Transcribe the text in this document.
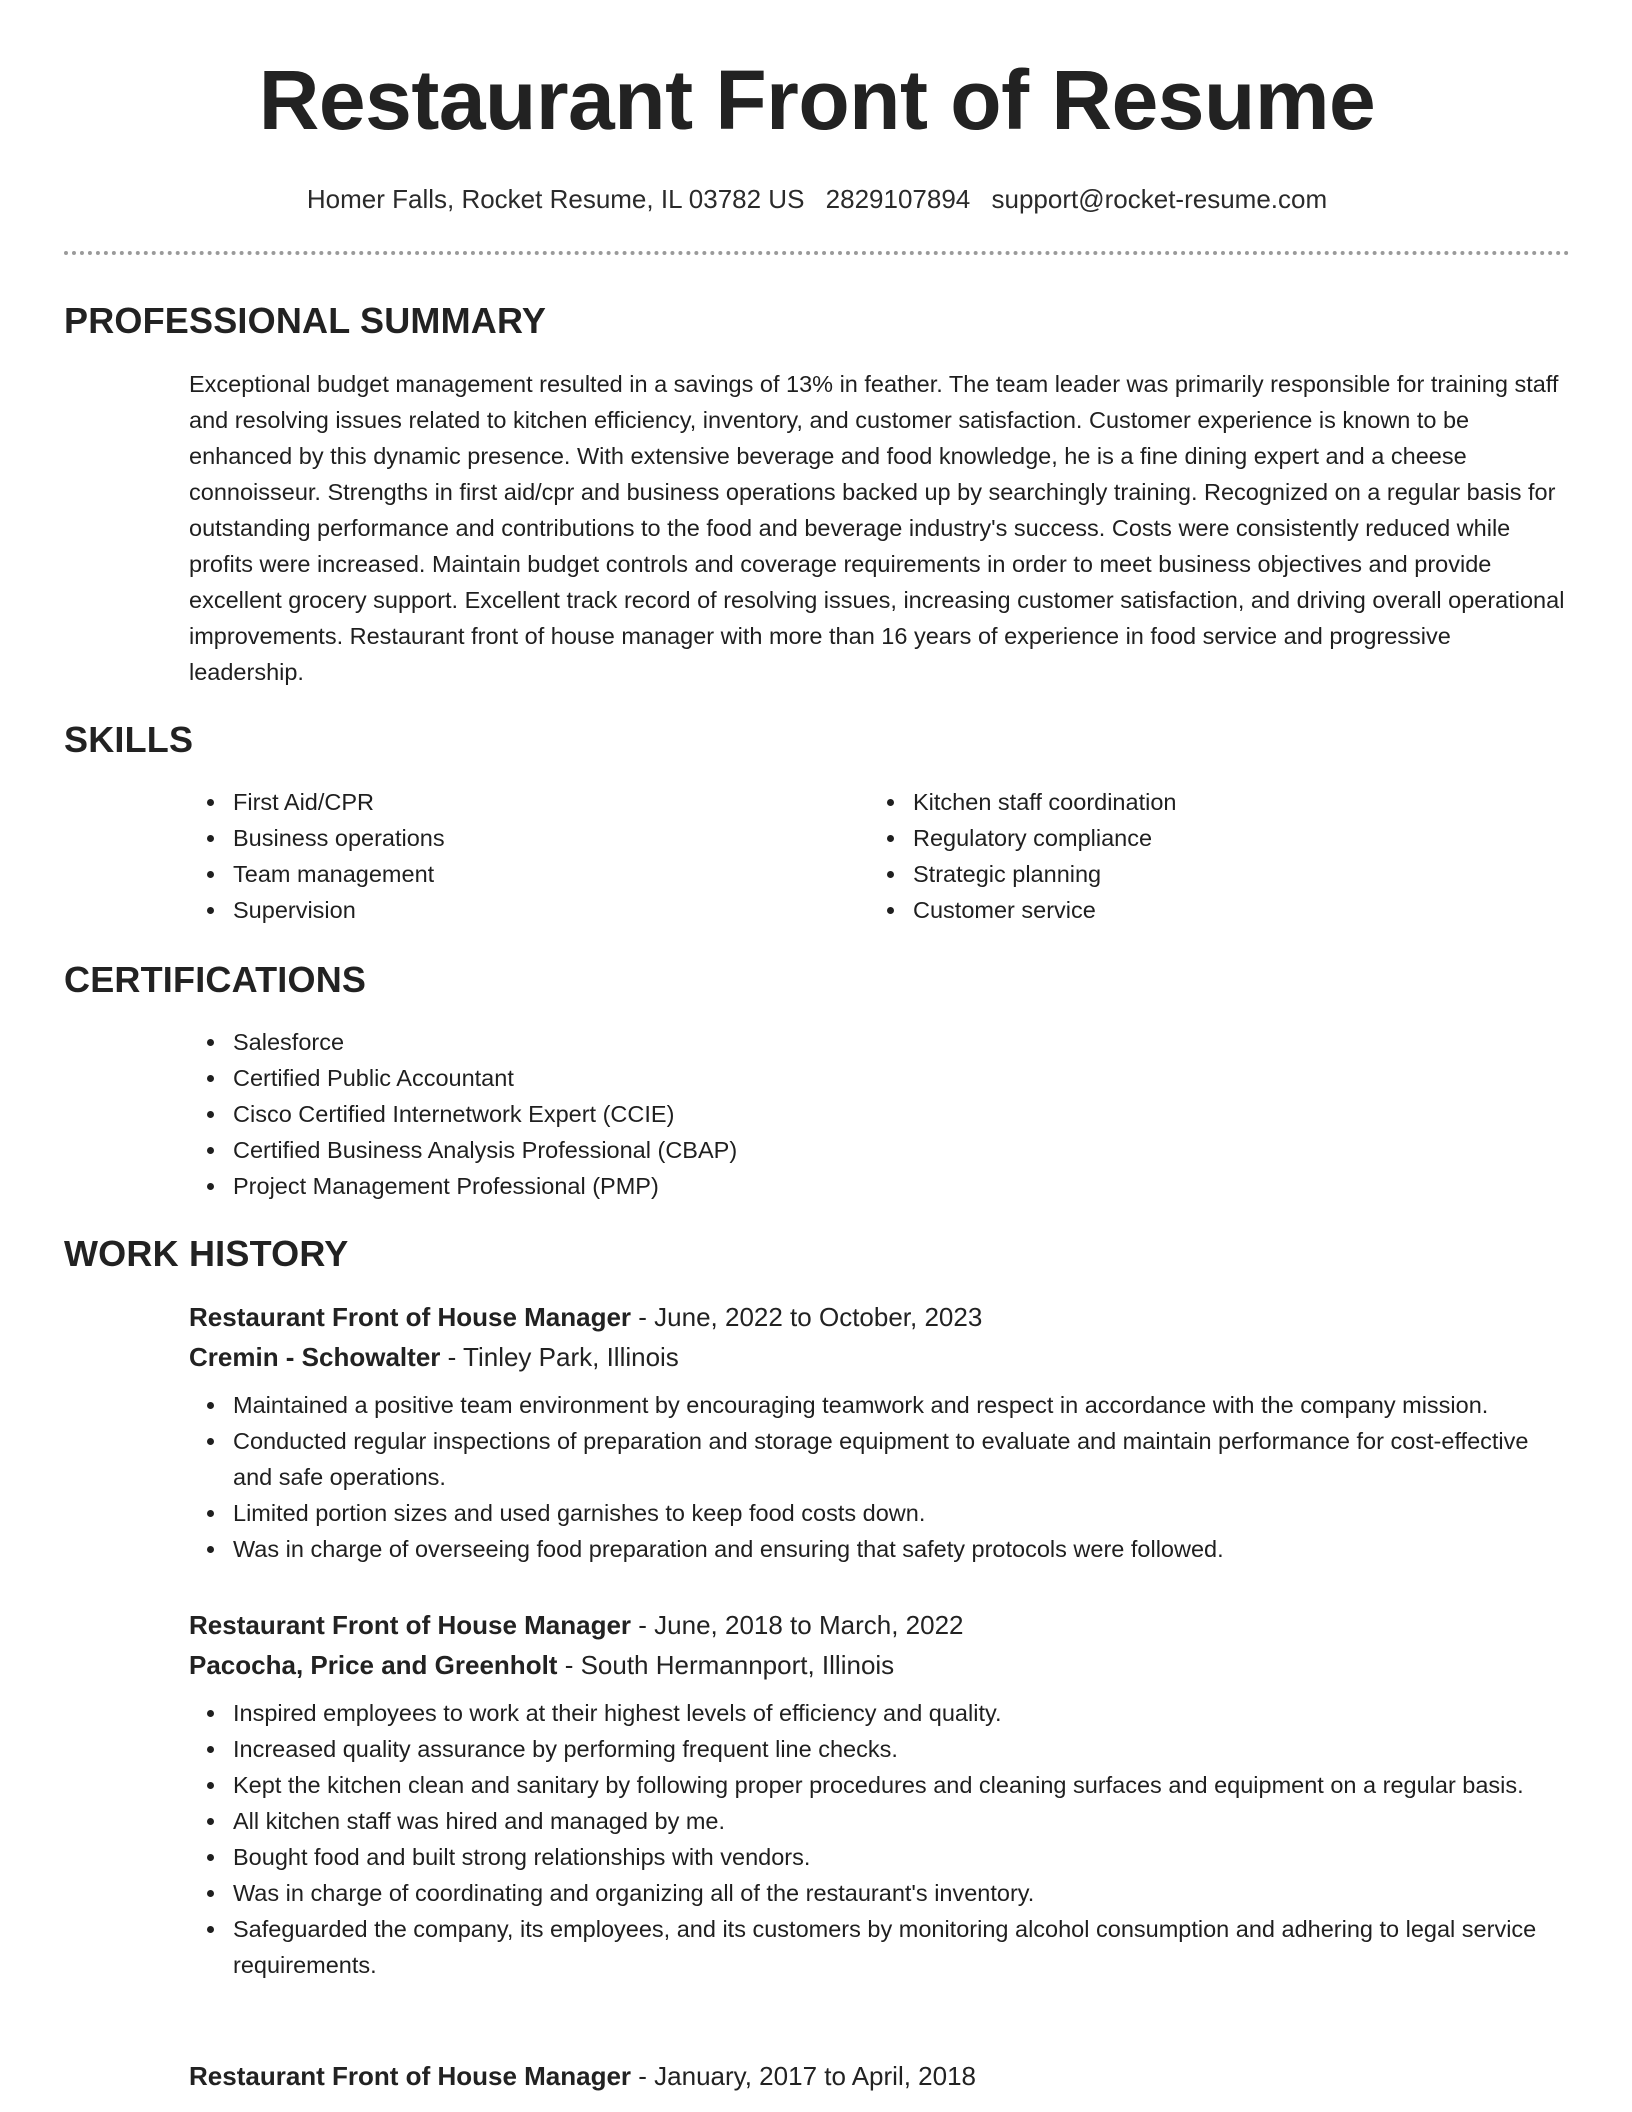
Restaurant Front of Resume
Homer Falls, Rocket Resume, IL 03782 US 2829107894 support@rocket-resume.com
PROFESSIONAL SUMMARY
Exceptional budget management resulted in a savings of 13% in feather. The team leader was primarily responsible for training staff and resolving issues related to kitchen efficiency, inventory, and customer satisfaction. Customer experience is known to be enhanced by this dynamic presence. With extensive beverage and food knowledge, he is a fine dining expert and a cheese connoisseur. Strengths in first aid/cpr and business operations backed up by searchingly training. Recognized on a regular basis for outstanding performance and contributions to the food and beverage industry's success. Costs were consistently reduced while profits were increased. Maintain budget controls and coverage requirements in order to meet business objectives and provide excellent grocery support. Excellent track record of resolving issues, increasing customer satisfaction, and driving overall operational improvements. Restaurant front of house manager with more than 16 years of experience in food service and progressive leadership.
SKILLS
First Aid/CPR
Business operations
Team management
Supervision
Kitchen staff coordination
Regulatory compliance
Strategic planning
Customer service
CERTIFICATIONS
Salesforce
Certified Public Accountant
Cisco Certified Internetwork Expert (CCIE)
Certified Business Analysis Professional (CBAP)
Project Management Professional (PMP)
WORK HISTORY
Restaurant Front of House Manager - June, 2022 to October, 2023
Cremin - Schowalter - Tinley Park, Illinois
Maintained a positive team environment by encouraging teamwork and respect in accordance with the company mission.
Conducted regular inspections of preparation and storage equipment to evaluate and maintain performance for cost-effective and safe operations.
Limited portion sizes and used garnishes to keep food costs down.
Was in charge of overseeing food preparation and ensuring that safety protocols were followed.
Restaurant Front of House Manager - June, 2018 to March, 2022
Pacocha, Price and Greenholt - South Hermannport, Illinois
Inspired employees to work at their highest levels of efficiency and quality.
Increased quality assurance by performing frequent line checks.
Kept the kitchen clean and sanitary by following proper procedures and cleaning surfaces and equipment on a regular basis.
All kitchen staff was hired and managed by me.
Bought food and built strong relationships with vendors.
Was in charge of coordinating and organizing all of the restaurant's inventory.
Safeguarded the company, its employees, and its customers by monitoring alcohol consumption and adhering to legal service requirements.
Restaurant Front of House Manager - January, 2017 to April, 2018
